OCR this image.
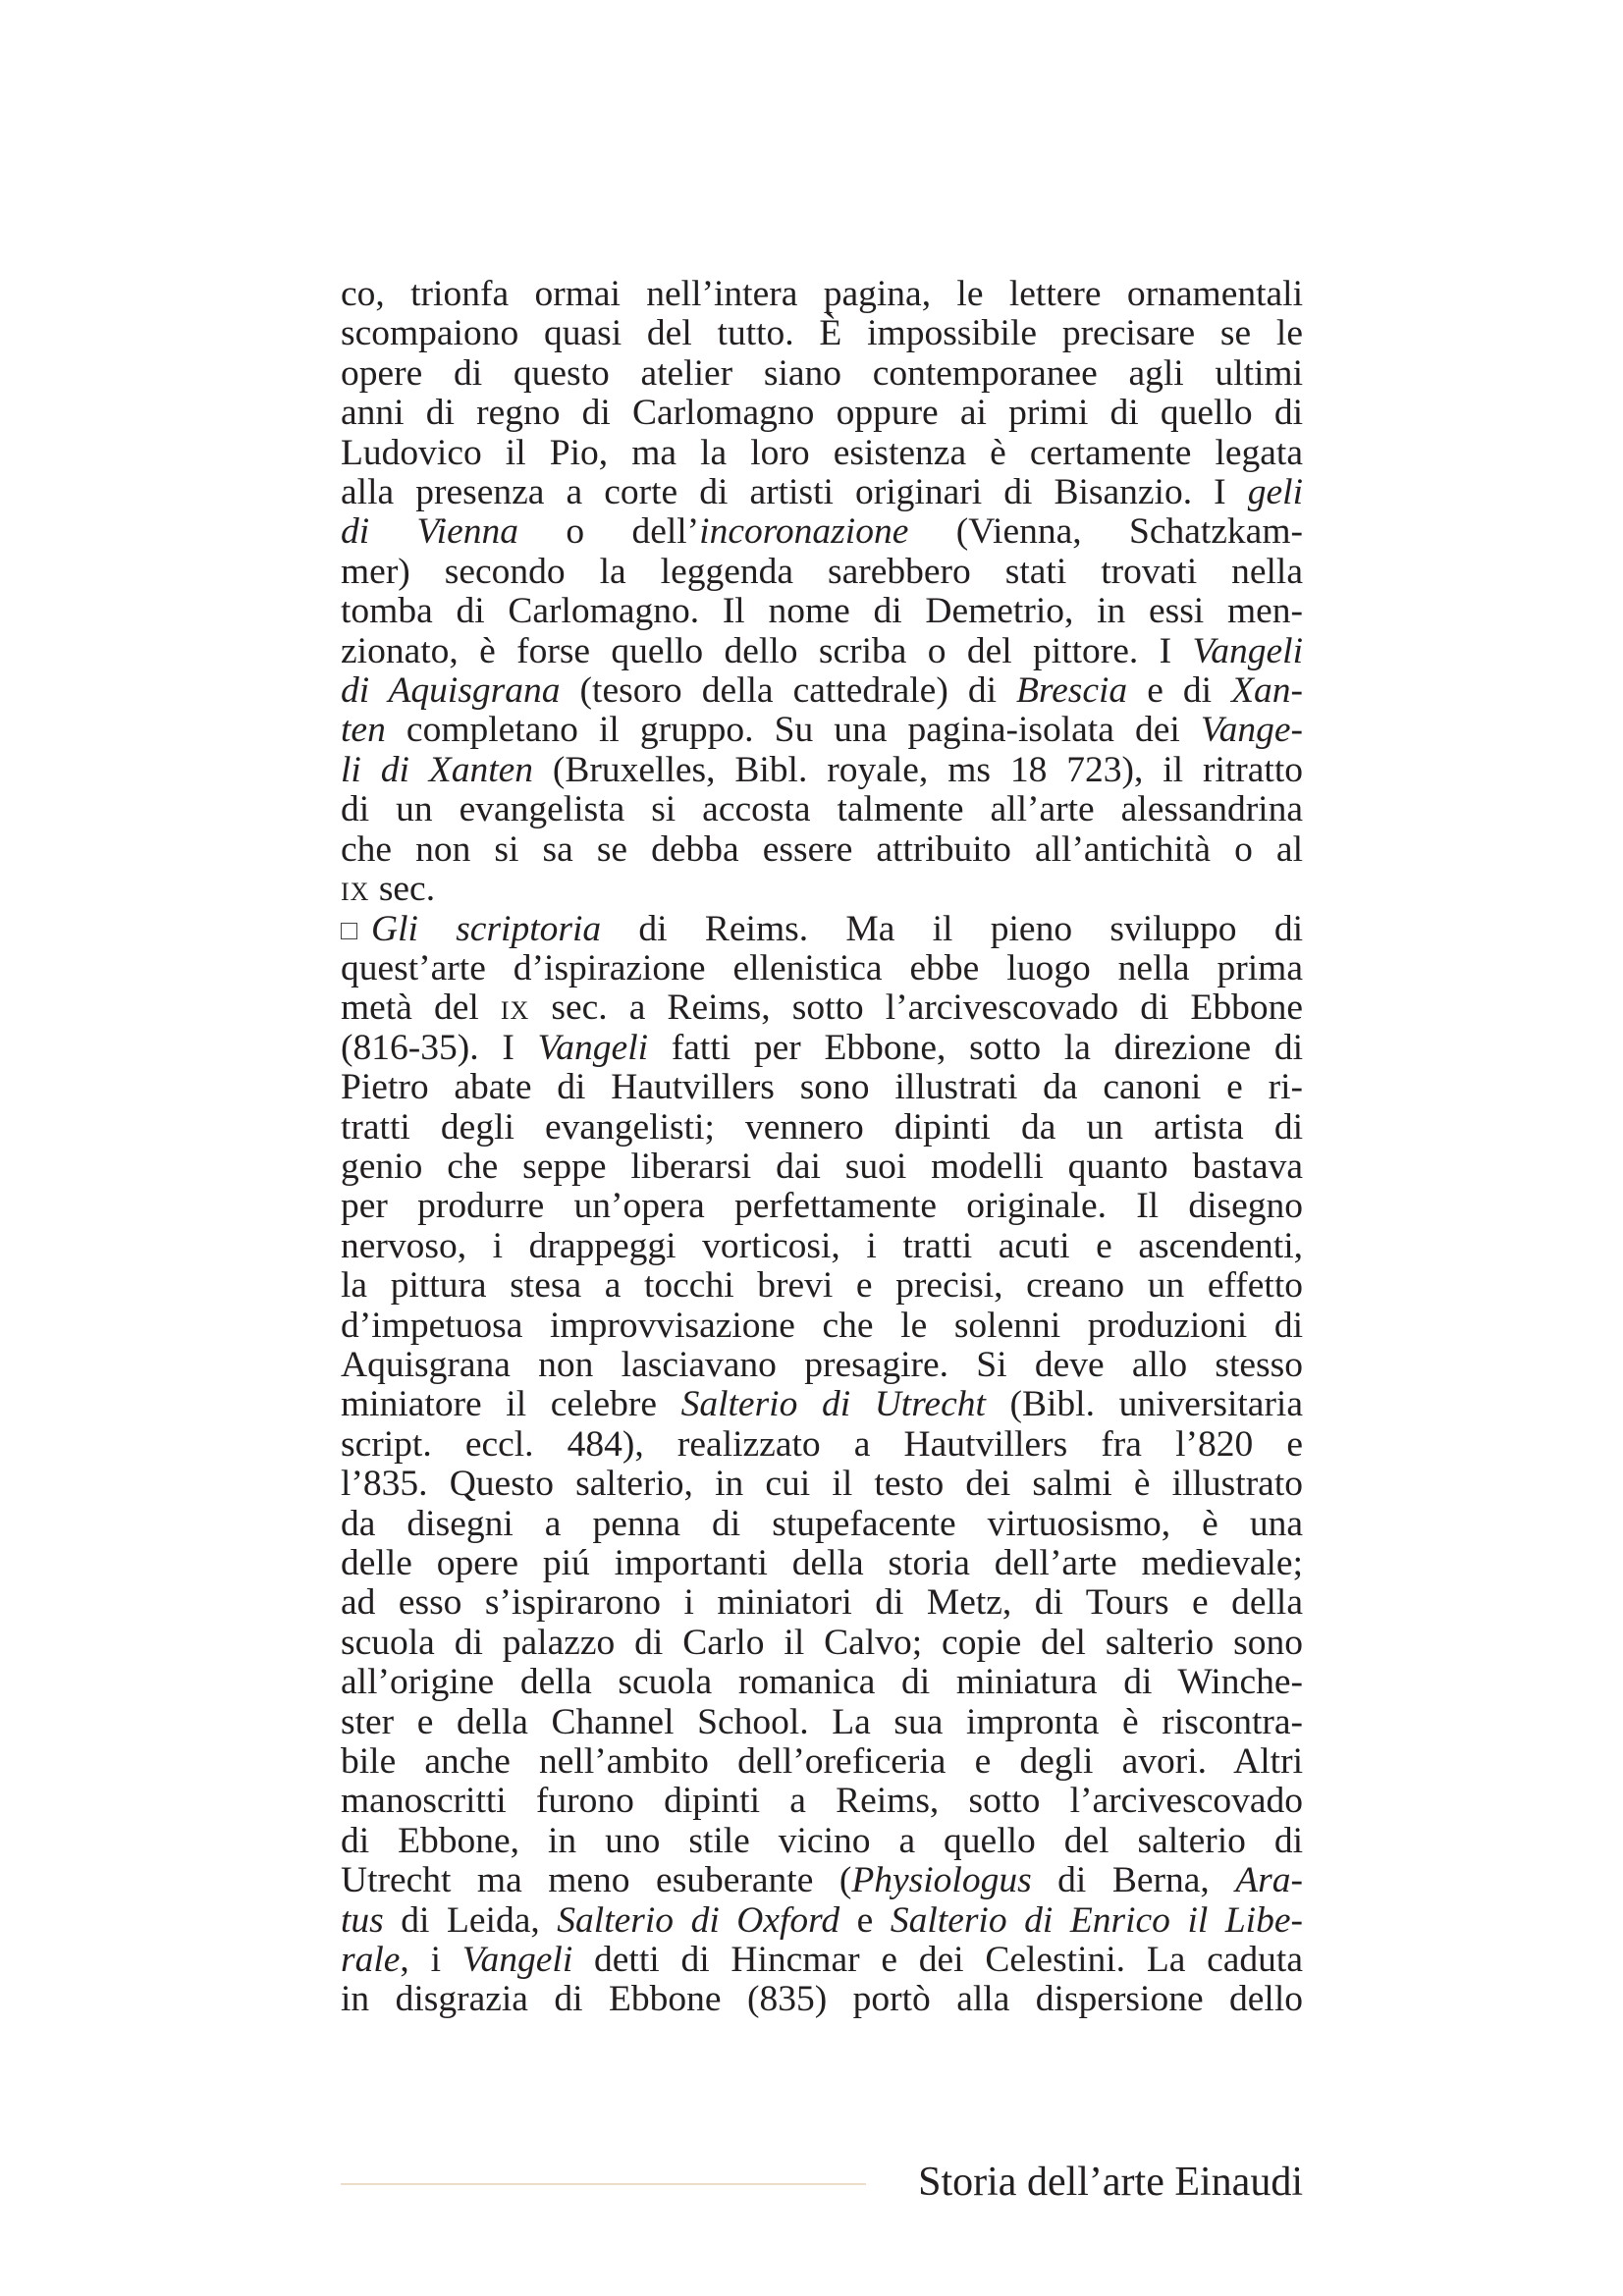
co, trionfa ormai nell’intera pagina, le lettere ornamentali
scompaiono quasi del tutto. È impossibile precisare se le
opere di questo atelier siano contemporanee agli ultimi
anni di regno di Carlomagno oppure ai primi di quello di
Ludovico il Pio, ma la loro esistenza è certamente legata
alla presenza a corte di artisti originari di Bisanzio. I geli
di Vienna o dell’incoronazione (Vienna, Schatzkam-
mer) secondo la leggenda sarebbero stati trovati nella
tomba di Carlomagno. Il nome di Demetrio, in essi men-
zionato, è forse quello dello scriba o del pittore. I Vangeli
di Aquisgrana (tesoro della cattedrale) di Brescia e di Xan-
ten completano il gruppo. Su una pagina-isolata dei Vange-
li di Xanten (Bruxelles, Bibl. royale, ms 18 723), il ritratto
di un evangelista si accosta talmente all’arte alessandrina
che non si sa se debba essere attribuito all’antichità o al
ix sec.
Gli scriptoria di Reims. Ma il pieno sviluppo di
quest’arte d’ispirazione ellenistica ebbe luogo nella prima
metà del ix sec. a Reims, sotto l’arcivescovado di Ebbone
(816-35). I Vangeli fatti per Ebbone, sotto la direzione di
Pietro abate di Hautvillers sono illustrati da canoni e ri-
tratti degli evangelisti; vennero dipinti da un artista di
genio che seppe liberarsi dai suoi modelli quanto bastava
per produrre un’opera perfettamente originale. Il disegno
nervoso, i drappeggi vorticosi, i tratti acuti e ascendenti,
la pittura stesa a tocchi brevi e precisi, creano un effetto
d’impetuosa improvvisazione che le solenni produzioni di
Aquisgrana non lasciavano presagire. Si deve allo stesso
miniatore il celebre Salterio di Utrecht (Bibl. universitaria
script. eccl. 484), realizzato a Hautvillers fra l’820 e
l’835. Questo salterio, in cui il testo dei salmi è illustrato
da disegni a penna di stupefacente virtuosismo, è una
delle opere piú importanti della storia dell’arte medievale;
ad esso s’ispirarono i miniatori di Metz, di Tours e della
scuola di palazzo di Carlo il Calvo; copie del salterio sono
all’origine della scuola romanica di miniatura di Winche-
ster e della Channel School. La sua impronta è riscontra-
bile anche nell’ambito dell’oreficeria e degli avori. Altri
manoscritti furono dipinti a Reims, sotto l’arcivescovado
di Ebbone, in uno stile vicino a quello del salterio di
Utrecht ma meno esuberante (Physiologus di Berna, Ara-
tus di Leida, Salterio di Oxford e Salterio di Enrico il Libe-
rale, i Vangeli detti di Hincmar e dei Celestini. La caduta
in disgrazia di Ebbone (835) portò alla dispersione dello
Storia dell’arte Einaudi
